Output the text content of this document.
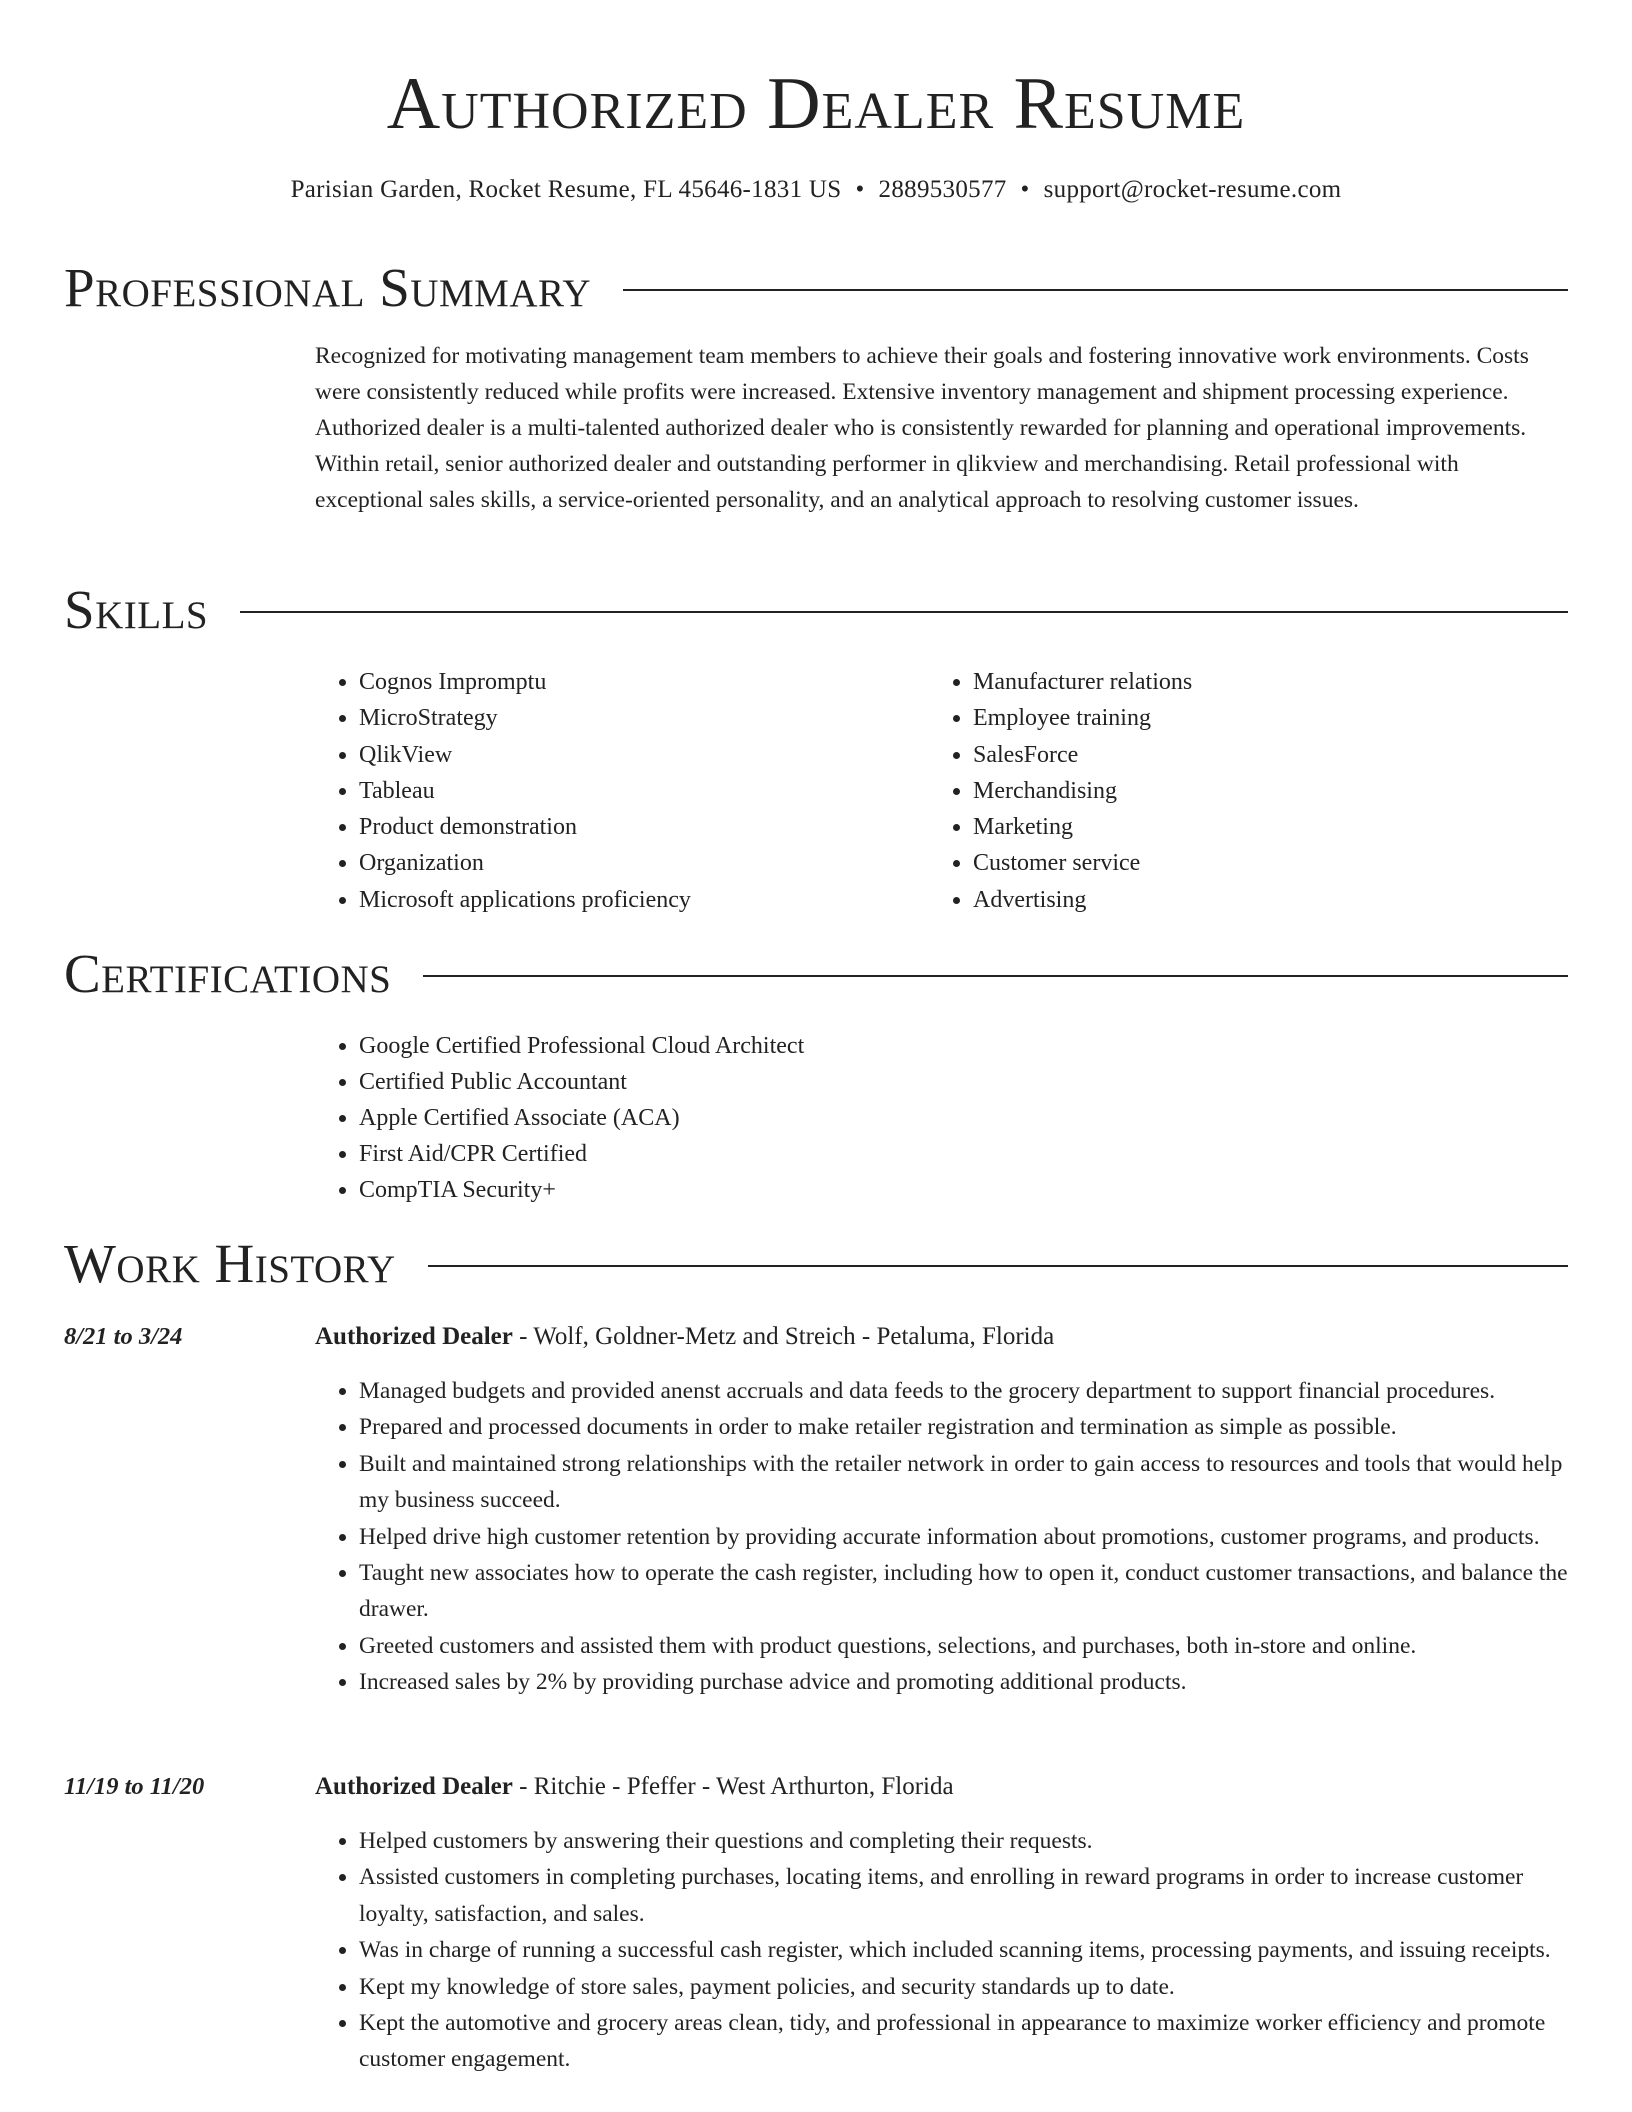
Authorized Dealer Resume
Parisian Garden, Rocket Resume, FL 45646-1831 US • 2889530577 • support@rocket-resume.com
Professional Summary

Recognized for motivating management team members to achieve their goals and fostering innovative work environments. Costs were consistently reduced while profits were increased. Extensive inventory management and shipment processing experience. Authorized dealer is a multi-talented authorized dealer who is consistently rewarded for planning and operational improvements. Within retail, senior authorized dealer and outstanding performer in qlikview and merchandising. Retail professional with exceptional sales skills, a service-oriented personality, and an analytical approach to resolving customer issues.

Skills
• Cognos Impromptu
• MicroStrategy
• QlikView
• Tableau
• Product demonstration
• Organization
• Microsoft applications proficiency
• Manufacturer relations
• Employee training
• SalesForce
• Merchandising
• Marketing
• Customer service
• Advertising
Certifications
• Google Certified Professional Cloud Architect
• Certified Public Accountant
• Apple Certified Associate (ACA)
• First Aid/CPR Certified
• CompTIA Security+
Work History
8/21 to 3/24	Authorized Dealer - Wolf, Goldner-Metz and Streich - Petaluma, Florida
• Managed budgets and provided anenst accruals and data feeds to the grocery department to support financial procedures.
• Prepared and processed documents in order to make retailer registration and termination as simple as possible.
• Built and maintained strong relationships with the retailer network in order to gain access to resources and tools that would help my business succeed.
• Helped drive high customer retention by providing accurate information about promotions, customer programs, and products.
• Taught new associates how to operate the cash register, including how to open it, conduct customer transactions, and balance the drawer.
• Greeted customers and assisted them with product questions, selections, and purchases, both in-store and online.
• Increased sales by 2% by providing purchase advice and promoting additional products.
11/19 to 11/20	Authorized Dealer - Ritchie - Pfeffer - West Arthurton, Florida
• Helped customers by answering their questions and completing their requests.
• Assisted customers in completing purchases, locating items, and enrolling in reward programs in order to increase customer loyalty, satisfaction, and sales.
• Was in charge of running a successful cash register, which included scanning items, processing payments, and issuing receipts.
• Kept my knowledge of store sales, payment policies, and security standards up to date.
• Kept the automotive and grocery areas clean, tidy, and professional in appearance to maximize worker efficiency and promote customer engagement.
